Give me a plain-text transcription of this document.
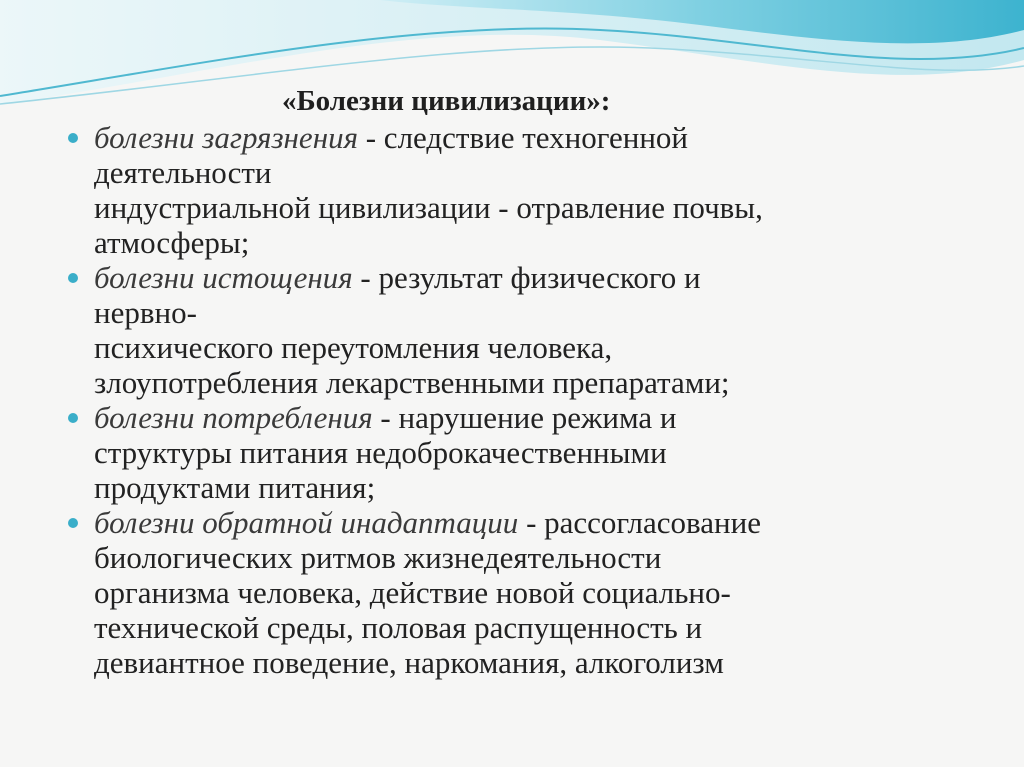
«Болезни цивилизации»:
болезни загрязнения - следствие техногенной
деятельности
индустриальной цивилизации - отравление почвы,
атмосферы;
болезни истощения - результат физического и
нервно-
психического переутомления человека,
злоупотребления лекарственными препаратами;
болезни потребления - нарушение режима и
структуры питания недоброкачественными
продуктами питания;
болезни обратной инадаптации - рассогласование
биологических ритмов жизнедеятельности
организма человека, действие новой социально-
технической среды, половая распущенность и
девиантное поведение, наркомания, алкоголизм
